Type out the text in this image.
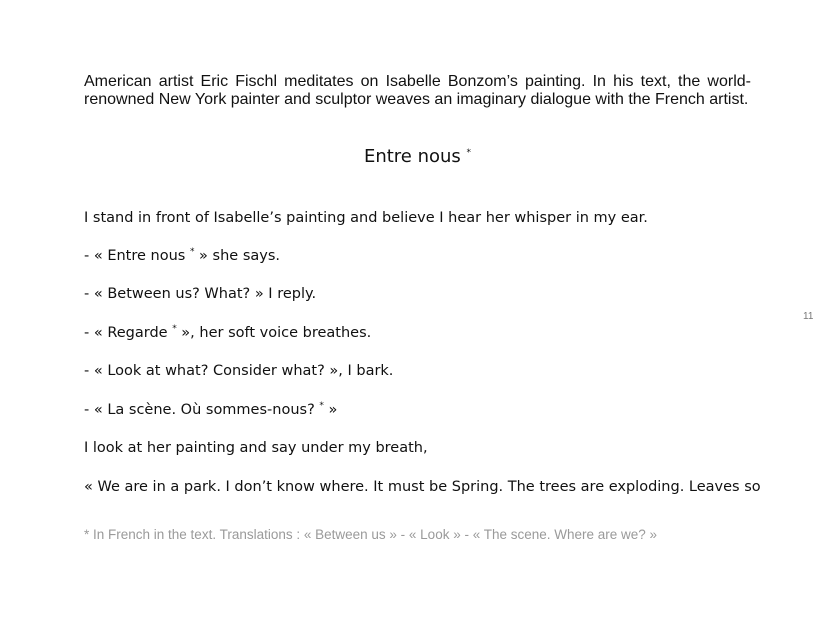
American artist Eric Fischl meditates on Isabelle Bonzom’s painting. In his text, the world-renowned New York painter and sculptor weaves an imaginary dialogue with the French artist.

Entre nous *

I stand in front of Isabelle’s painting and believe I hear her whisper in my ear.

- « Entre nous * » she says.

- « Between us? What? » I reply.

- « Regarde * », her soft voice breathes.

- « Look at what? Consider what? », I bark.

- « La scène. Où sommes-nous? * »

I look at her painting and say under my breath,

« We are in a park. I don’t know where. It must be Spring. The trees are exploding. Leaves so

11

* In French in the text. Translations : « Between us » - « Look » - « The scene. Where are we? »
